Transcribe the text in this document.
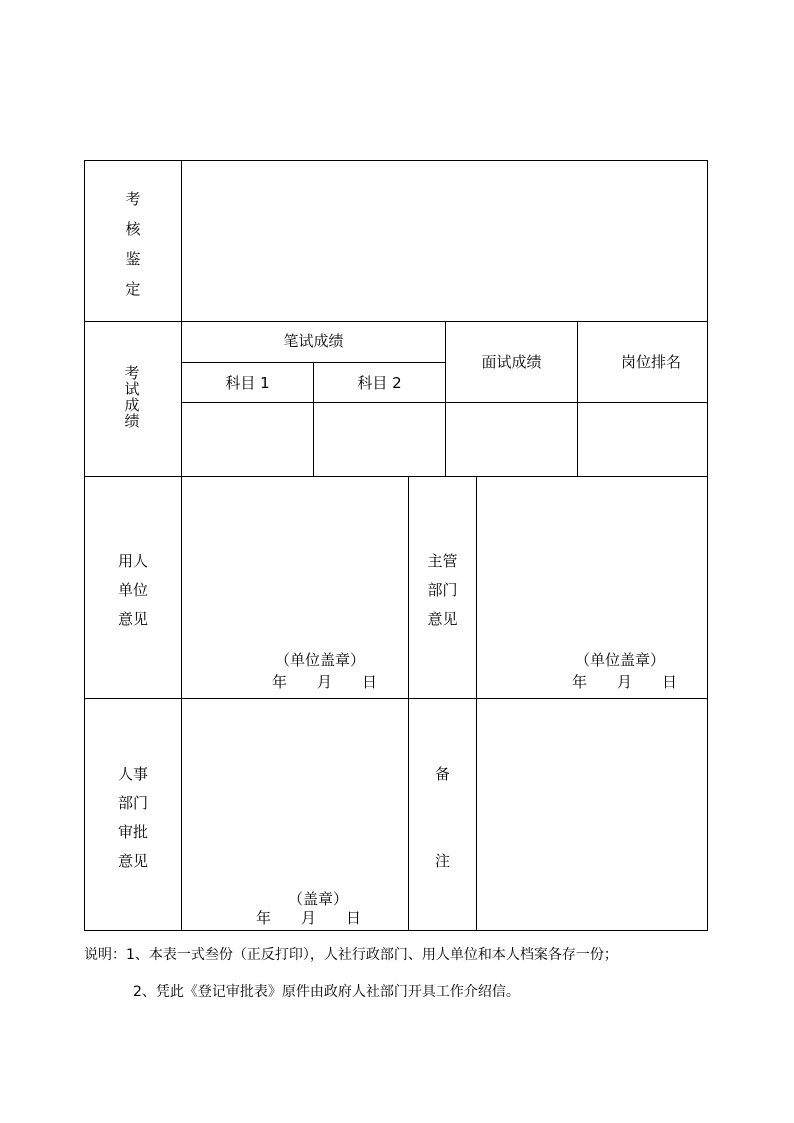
考
核
鉴
定
考
试
成
绩
笔试成绩
科目 1	科目 2
面试成绩	岗位排名
用人
单位
意见
（单位盖章）
年　　月　　日
主管
部门
意见
（单位盖章）
年　　月　　日
人事
部门
审批
意见
（盖章）
年　　月　　日
备
注
说明：1、本表一式叁份（正反打印），人社行政部门、用人单位和本人档案各存一份；
2、凭此《登记审批表》原件由政府人社部门开具工作介绍信。
